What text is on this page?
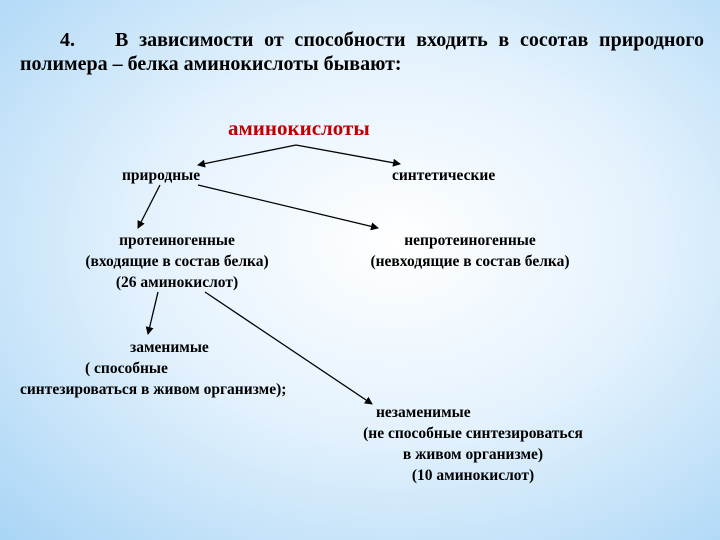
4. В зависимости от способности входить в сосотав природного полимера – белка аминокислоты бывают:
аминокислоты
природные	синтетические
протеиногенные
(входящие в состав белка)
(26 аминокислот)
непротеиногенные
(невходящие в состав белка)
заменимые
( способные
синтезироваться в живом организме);
незаменимые
(не способные синтезироваться
в живом организме)
(10 аминокислот)
